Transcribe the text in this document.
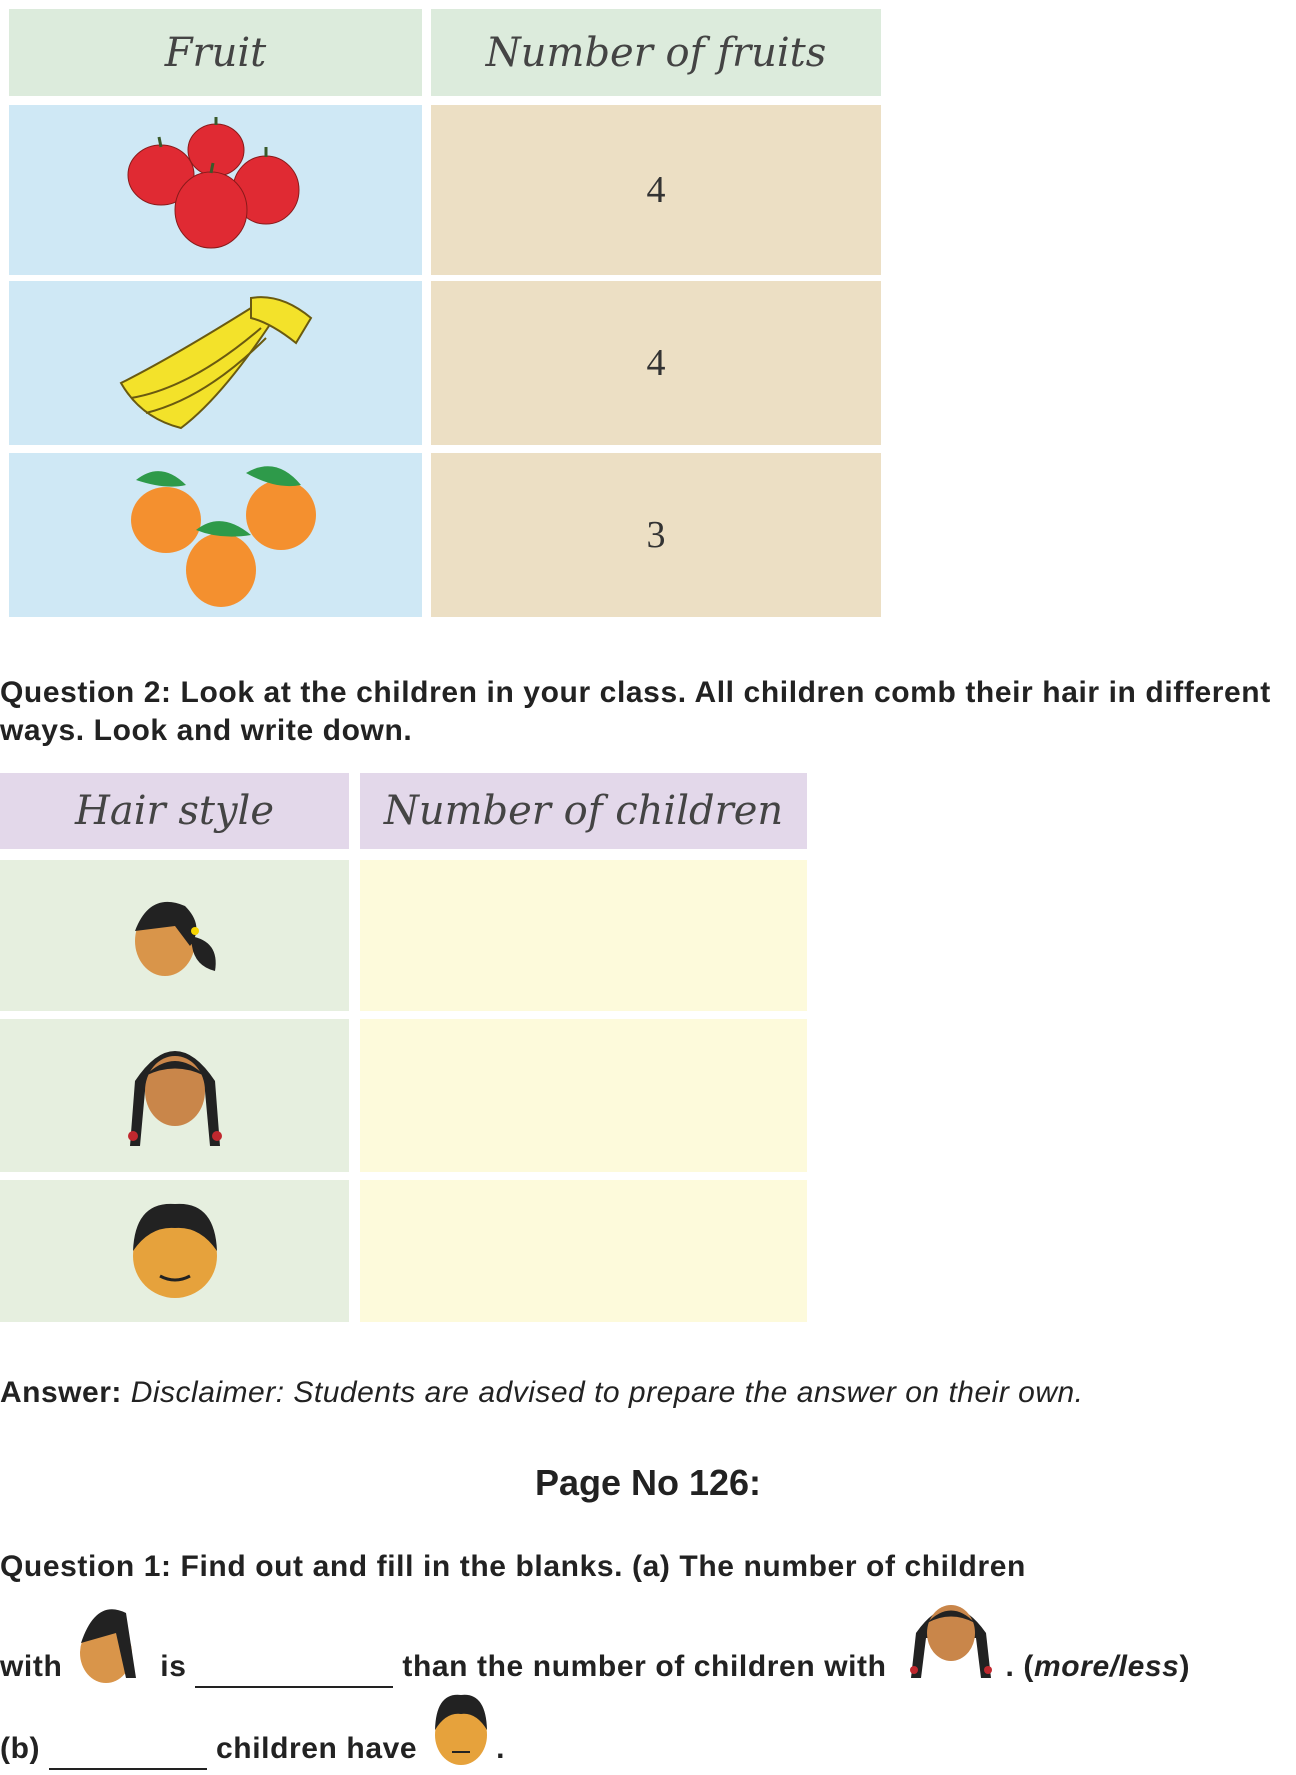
Fruit	Number of fruits
4
4
3
Question 2: Look at the children in your class. All children comb their hair in different ways. Look and write down.
Hair style	Number of children
Answer: Disclaimer: Students are advised to prepare the answer on their own.
Page No 126:
Question 1: Find out and fill in the blanks. (a) The number of children
with	is	than the number of children with	. (more/less)
(b)	children have	.
